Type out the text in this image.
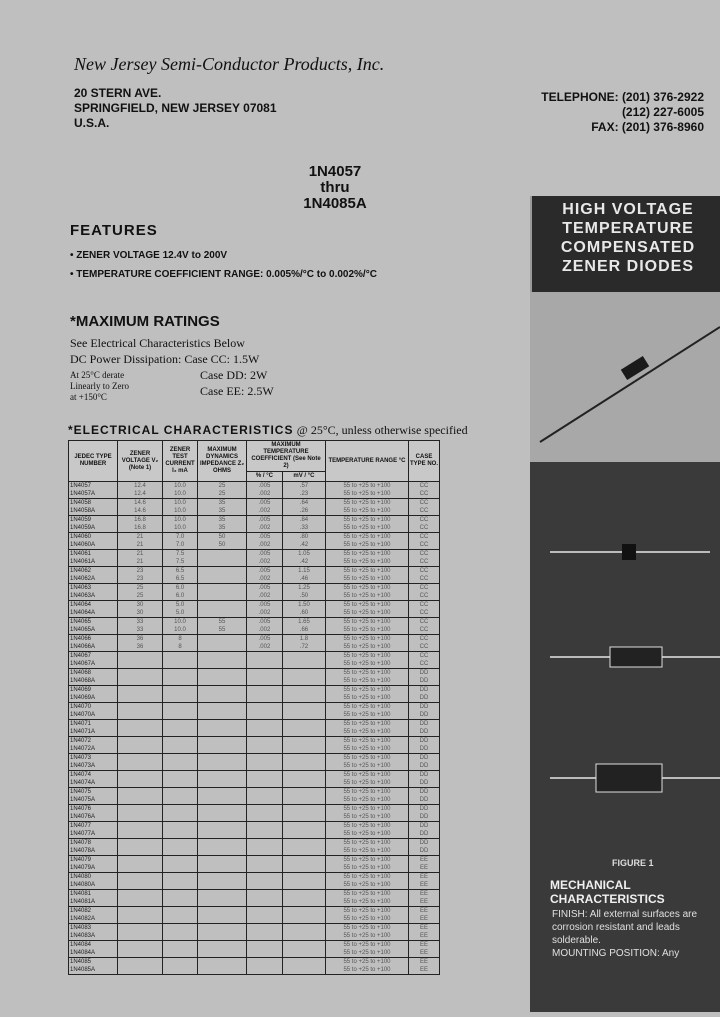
New Jersey Semi-Conductor Products, Inc.
20 STERN AVE.
SPRINGFIELD, NEW JERSEY 07081
U.S.A.
TELEPHONE: (201) 376-2922
(212) 227-6005
FAX: (201) 376-8960
1N4057
thru
1N4085A
FEATURES
• ZENER VOLTAGE 12.4V to 200V
• TEMPERATURE COEFFICIENT RANGE: 0.005%/°C to 0.002%/°C
*MAXIMUM RATINGS
See Electrical Characteristics Below
DC Power Dissipation: Case CC: 1.5W
At 25°C derate
Linearly to Zero
at +150°C
Case DD: 2W
Case EE: 2.5W
*ELECTRICAL CHARACTERISTICS @ 25°C, unless otherwise specified
JEDEC TYPE NUMBER	ZENER VOLTAGE V₂ (Note 1)	ZENER TEST CURRENT I₂ mA	MAXIMUM DYNAMICS IMPEDANCE Z₂ OHMS	MAXIMUM TEMPERATURE COEFFICIENT (See Note 2)		TEMPERATURE RANGE °C	CASE TYPE NO.
				% / °C	mV / °C		
1N4057	12.4	10.0	25	.005	.57	55 to +25 to +100	CC
1N4057A	12.4	10.0	25	.002	.23	55 to +25 to +100	CC
1N4058	14.6	10.0	35	.005	.64	55 to +25 to +100	CC
1N4058A	14.6	10.0	35	.002	.26	55 to +25 to +100	CC
1N4059	16.8	10.0	35	.005	.84	55 to +25 to +100	CC
1N4059A	16.8	10.0	35	.002	.33	55 to +25 to +100	CC
1N4060	21	7.0	50	.005	.80	55 to +25 to +100	CC
1N4060A	21	7.0	50	.002	.42	55 to +25 to +100	CC
1N4061	21	7.5		.005	1.05	55 to +25 to +100	CC
1N4061A	21	7.5		.002	.42	55 to +25 to +100	CC
1N4062	23	6.5		.005	1.15	55 to +25 to +100	CC
1N4062A	23	6.5		.002	.46	55 to +25 to +100	CC
1N4063	25	6.0		.005	1.25	55 to +25 to +100	CC
1N4063A	25	6.0		.002	.50	55 to +25 to +100	CC
1N4064	30	5.0		.005	1.50	55 to +25 to +100	CC
1N4064A	30	5.0		.002	.60	55 to +25 to +100	CC
1N4065	33	10.0	55	.005	1.65	55 to +25 to +100	CC
1N4065A	33	10.0	55	.002	.66	55 to +25 to +100	CC
1N4066	36	8		.005	1.8	55 to +25 to +100	CC
1N4066A	36	8		.002	.72	55 to +25 to +100	CC
1N4067						55 to +25 to +100	CC
1N4067A						55 to +25 to +100	CC
1N4068						55 to +25 to +100	DD
1N4068A						55 to +25 to +100	DD
1N4069						55 to +25 to +100	DD
1N4069A						55 to +25 to +100	DD
1N4070						55 to +25 to +100	DD
1N4070A						55 to +25 to +100	DD
1N4071						55 to +25 to +100	DD
1N4071A						55 to +25 to +100	DD
1N4072						55 to +25 to +100	DD
1N4072A						55 to +25 to +100	DD
1N4073						55 to +25 to +100	DD
1N4073A						55 to +25 to +100	DD
1N4074						55 to +25 to +100	DD
1N4074A						55 to +25 to +100	DD
1N4075						55 to +25 to +100	DD
1N4075A						55 to +25 to +100	DD
1N4076						55 to +25 to +100	DD
1N4076A						55 to +25 to +100	DD
1N4077						55 to +25 to +100	DD
1N4077A						55 to +25 to +100	DD
1N4078						55 to +25 to +100	DD
1N4078A						55 to +25 to +100	DD
1N4079						55 to +25 to +100	EE
1N4079A						55 to +25 to +100	EE
1N4080						55 to +25 to +100	EE
1N4080A						55 to +25 to +100	EE
1N4081						55 to +25 to +100	EE
1N4081A						55 to +25 to +100	EE
1N4082						55 to +25 to +100	EE
1N4082A						55 to +25 to +100	EE
1N4083						55 to +25 to +100	EE
1N4083A						55 to +25 to +100	EE
1N4084						55 to +25 to +100	EE
1N4084A						55 to +25 to +100	EE
1N4085						55 to +25 to +100	EE
1N4085A						55 to +25 to +100	EE
HIGH VOLTAGE
TEMPERATURE
COMPENSATED
ZENER DIODES
FIGURE 1
MECHANICAL
CHARACTERISTICS
FINISH: All external surfaces are
corrosion resistant and leads
solderable.
MOUNTING POSITION: Any
